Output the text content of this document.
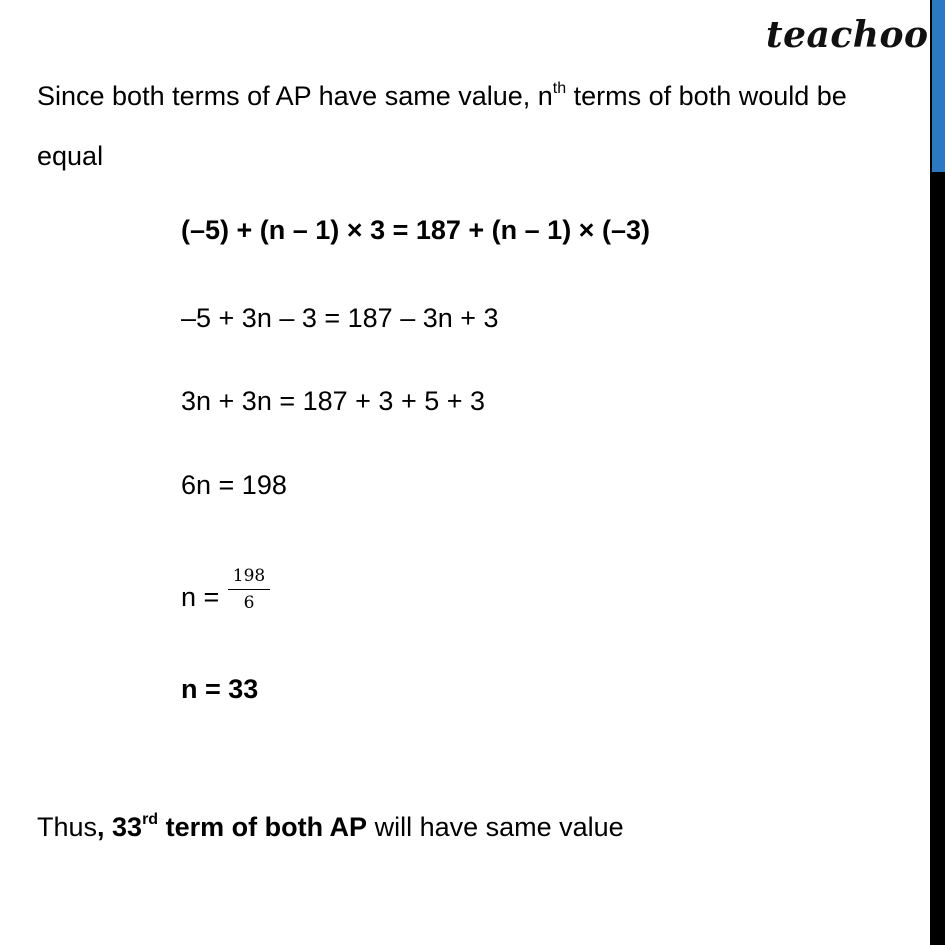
teachoo
Since both terms of AP have same value, $n^{th}$ terms of both would be
equal
(–5) + (n – 1) × 3 = 187 + (n – 1) × (–3)
–5 + 3n – 3 = 187 – 3n + 3
3n + 3n = 187 + 3 + 5 + 3
6n = 198
$n = \frac{198}{6}$
n = 33
Thus, 33rd term of both AP will have same value
